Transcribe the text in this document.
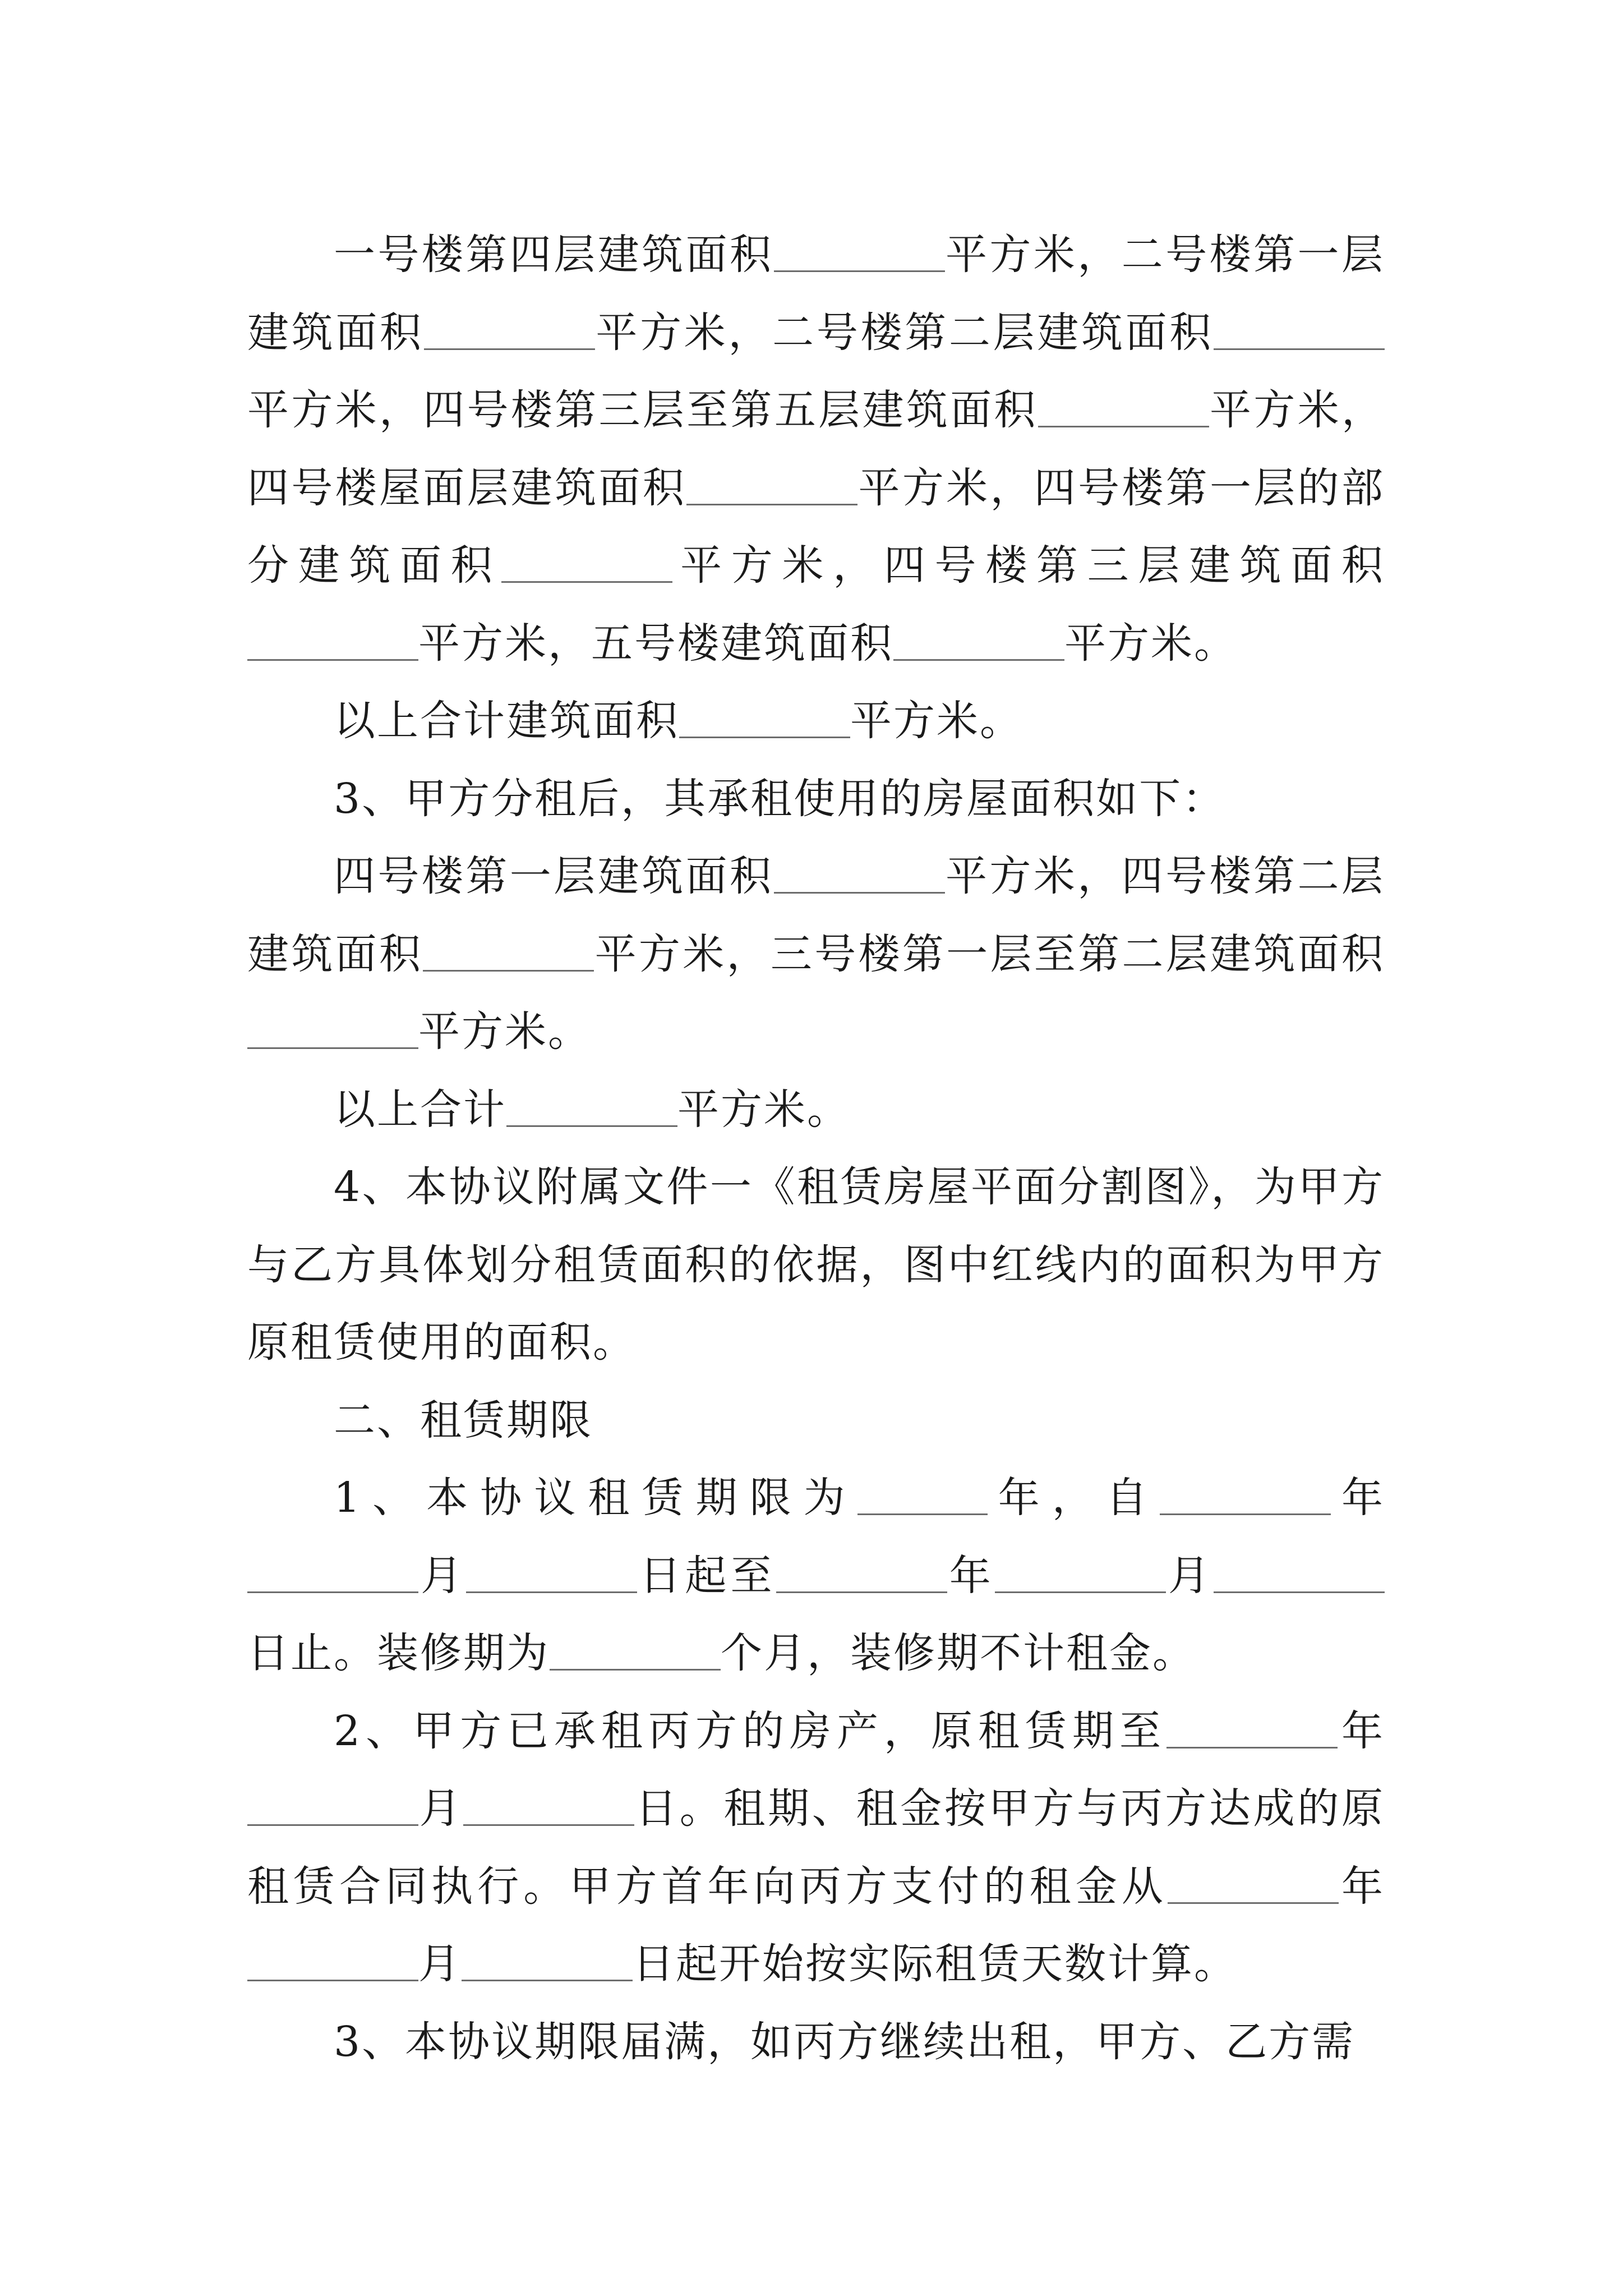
一号楼第四层建筑面积	平方米，二号楼第一层建筑面积	平方米，二号楼第二层建筑面积平方米，四号楼第三层至第五层建筑面积	平方米，四号楼屋面层建筑面积	平方米，四号楼第一层的部分建筑面积	平方米，四号楼第三层建筑面积平方米，五号楼建筑面积	平方米。

以上合计建筑面积	平方米。

3、甲方分租后，其承租使用的房屋面积如下：

四号楼第一层建筑面积	平方米，四号楼第二层建筑面积	平方米，三号楼第一层至第二层建筑面积平方米。

以上合计	平方米。

4、本协议附属文件一《租赁房屋平面分割图》，为甲方与乙方具体划分租赁面积的依据，图中红线内的面积为甲方原租赁使用的面积。

二、租赁期限

1、本协议租赁期限为	年，自	年月	日起至	年	月日止。装修期为	个月，装修期不计租金。

2、甲方已承租丙方的房产，原租赁期至	年月	日。租期、租金按甲方与丙方达成的原租赁合同执行。甲方首年向丙方支付的租金从	年月	日起开始按实际租赁天数计算。

3、本协议期限届满，如丙方继续出租，甲方、乙方需
